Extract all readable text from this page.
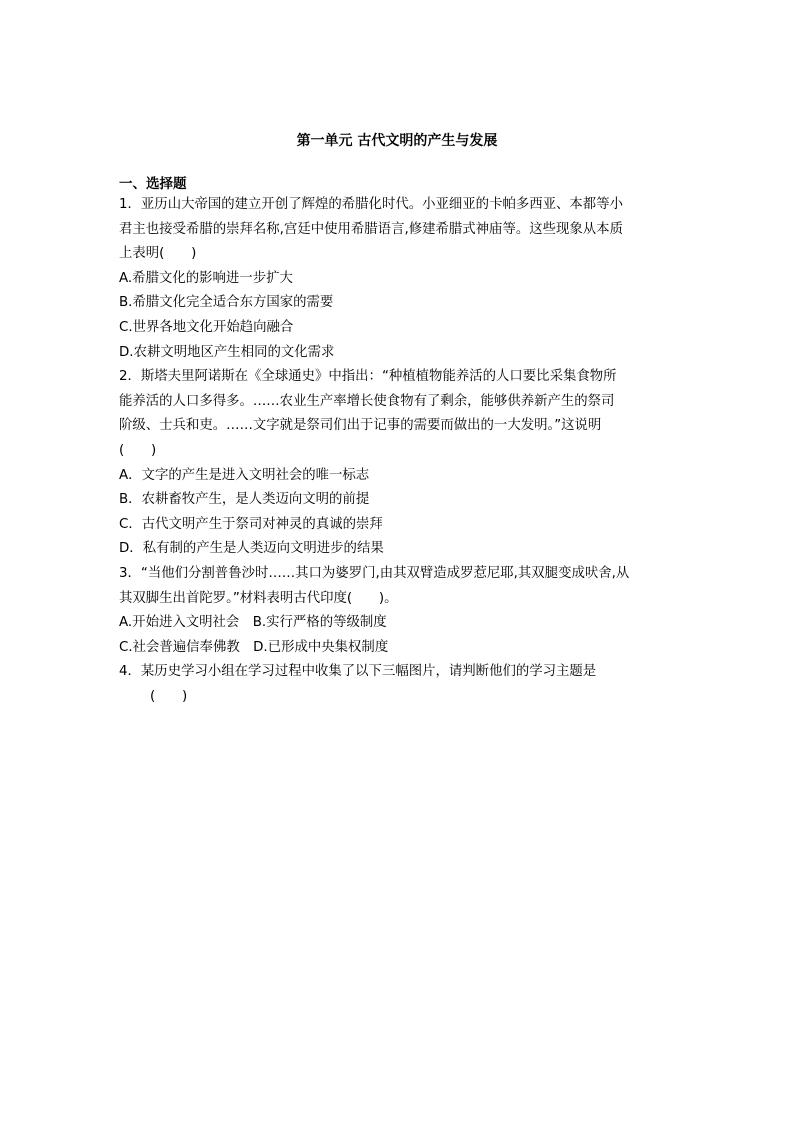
第一单元 古代文明的产生与发展
一、选择题
1．亚历山大帝国的建立开创了辉煌的希腊化时代。小亚细亚的卡帕多西亚、本都等小
君主也接受希腊的崇拜名称,宫廷中使用希腊语言,修建希腊式神庙等。这些现象从本质
上表明(　　)
A.希腊文化的影响进一步扩大
B.希腊文化完全适合东方国家的需要
C.世界各地文化开始趋向融合
D.农耕文明地区产生相同的文化需求
2．斯塔夫里阿诺斯在《全球通史》中指出：“种植植物能养活的人口要比采集食物所
能养活的人口多得多。……农业生产率增长使食物有了剩余，能够供养新产生的祭司
阶级、士兵和吏。……文字就是祭司们出于记事的需要而做出的一大发明。”这说明
(　　)
A．文字的产生是进入文明社会的唯一标志
B．农耕畜牧产生，是人类迈向文明的前提
C．古代文明产生于祭司对神灵的真诚的崇拜
D．私有制的产生是人类迈向文明进步的结果
3．“当他们分割普鲁沙时……其口为婆罗门,由其双臂造成罗惹尼耶,其双腿变成吠舍,从
其双脚生出首陀罗。”材料表明古代印度(　　)。
A.开始进入文明社会　B.实行严格的等级制度
C.社会普遍信奉佛教　D.已形成中央集权制度
4．某历史学习小组在学习过程中收集了以下三幅图片，请判断他们的学习主题是
(　　)
